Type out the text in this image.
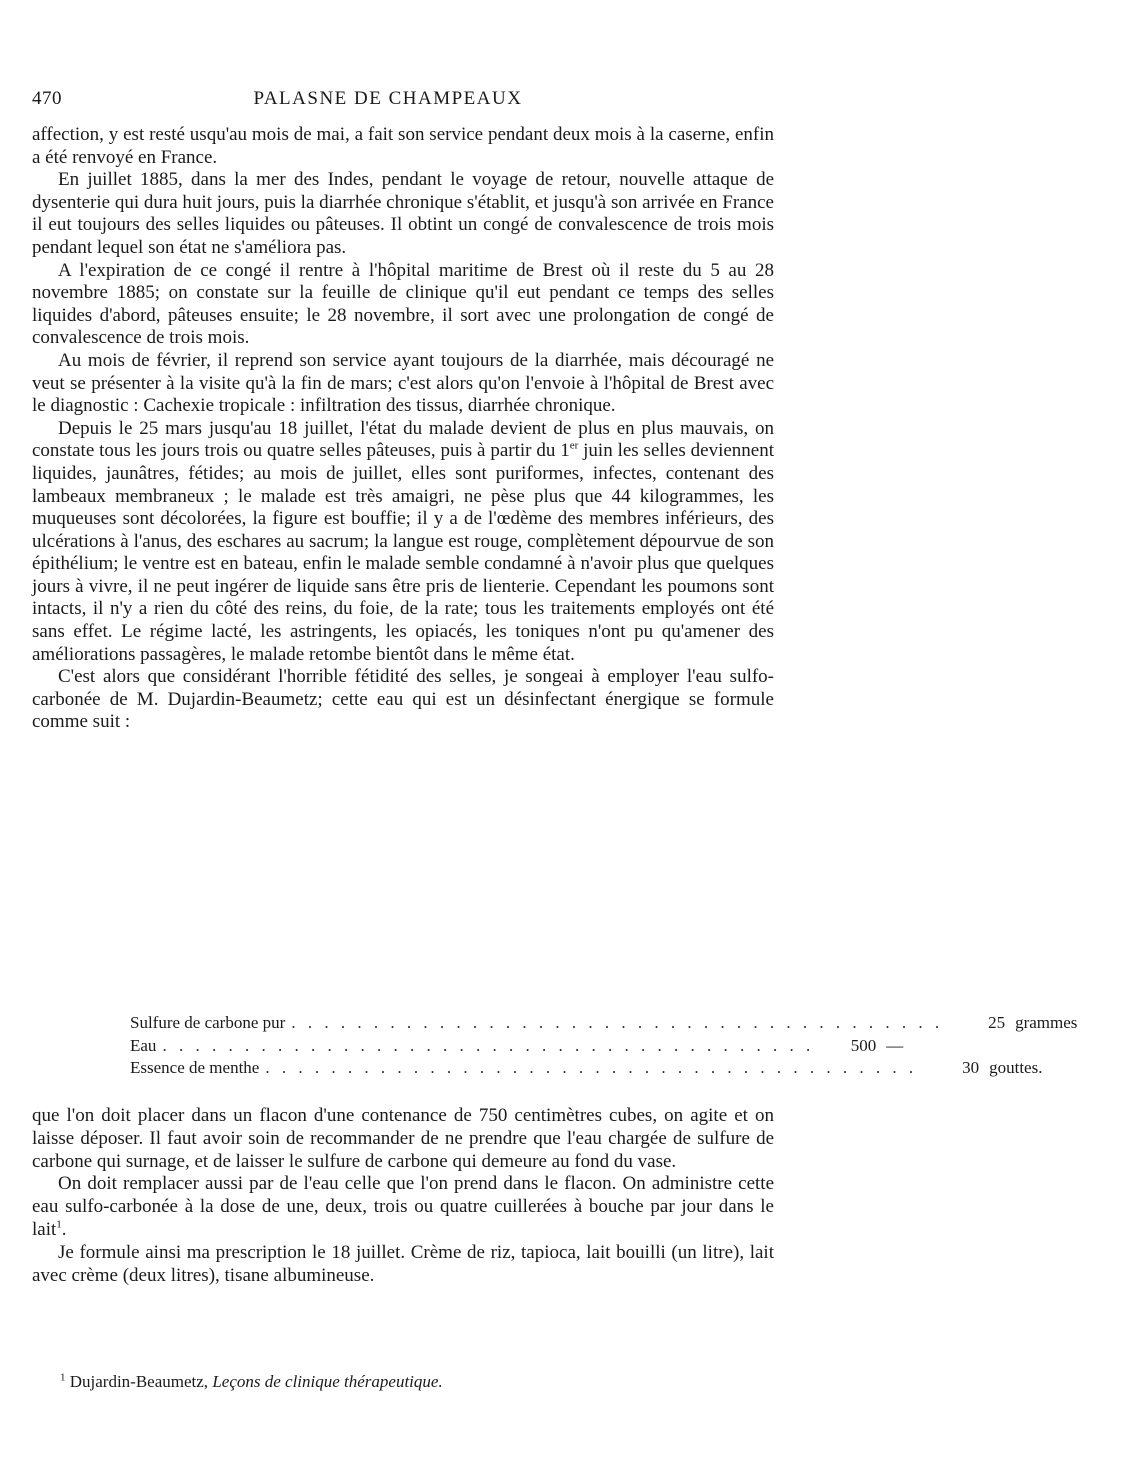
470	PALASNE DE CHAMPEAUX

affection, y est resté usqu'au mois de mai, a fait son service pendant deux mois à la caserne, enfin a été renvoyé en France.

En juillet 1885, dans la mer des Indes, pendant le voyage de retour, nouvelle attaque de dysenterie qui dura huit jours, puis la diarrhée chronique s'établit, et jusqu'à son arrivée en France il eut toujours des selles liquides ou pâteuses. Il obtint un congé de convalescence de trois mois pendant lequel son état ne s'améliora pas.

A l'expiration de ce congé il rentre à l'hôpital maritime de Brest où il reste du 5 au 28 novembre 1885; on constate sur la feuille de clinique qu'il eut pendant ce temps des selles liquides d'abord, pâteuses ensuite; le 28 novembre, il sort avec une prolongation de congé de convalescence de trois mois.

Au mois de février, il reprend son service ayant toujours de la diarrhée, mais découragé ne veut se présenter à la visite qu'à la fin de mars; c'est alors qu'on l'envoie à l'hôpital de Brest avec le diagnostic : Cachexie tropicale : infiltration des tissus, diarrhée chronique.

Depuis le 25 mars jusqu'au 18 juillet, l'état du malade devient de plus en plus mauvais, on constate tous les jours trois ou quatre selles pâteuses, puis à partir du 1er juin les selles deviennent liquides, jaunâtres, fétides; au mois de juillet, elles sont puriformes, infectes, contenant des lambeaux membraneux ; le malade est très amaigri, ne pèse plus que 44 kilogrammes, les muqueuses sont décolorées, la figure est bouffie; il y a de l'œdème des membres inférieurs, des ulcérations à l'anus, des eschares au sacrum; la langue est rouge, complètement dépourvue de son épithélium; le ventre est en bateau, enfin le malade semble condamné à n'avoir plus que quelques jours à vivre, il ne peut ingérer de liquide sans être pris de lienterie. Cependant les poumons sont intacts, il n'y a rien du côté des reins, du foie, de la rate; tous les traitements employés ont été sans effet. Le régime lacté, les astringents, les opiacés, les toniques n'ont pu qu'amener des améliorations passagères, le malade retombe bientôt dans le même état.

C'est alors que considérant l'horrible fétidité des selles, je songeai à employer l'eau sulfo-carbonée de M. Dujardin-Beaumetz; cette eau qui est un désinfectant énergique se formule comme suit :

Sulfure de carbone pur . . . . . . . . . . . . . . . . . . . . . . . . . . . . . . . . . . . . . . . .	25 grammes
Eau . . . . . . . . . . . . . . . . . . . . . . . . . . . . . . . . . . . . . . . .	500 —
Essence de menthe . . . . . . . . . . . . . . . . . . . . . . . . . . . . . . . . . . . . . . . .	30 gouttes.

que l'on doit placer dans un flacon d'une contenance de 750 centimètres cubes, on agite et on laisse déposer. Il faut avoir soin de recommander de ne prendre que l'eau chargée de sulfure de carbone qui surnage, et de laisser le sulfure de carbone qui demeure au fond du vase.

On doit remplacer aussi par de l'eau celle que l'on prend dans le flacon. On administre cette eau sulfo-carbonée à la dose de une, deux, trois ou quatre cuillerées à bouche par jour dans le lait$^1$.

Je formule ainsi ma prescription le 18 juillet. Crème de riz, tapioca, lait bouilli (un litre), lait avec crème (deux litres), tisane albumineuse.

$^1$ Dujardin-Beaumetz, Leçons de clinique thérapeutique.
